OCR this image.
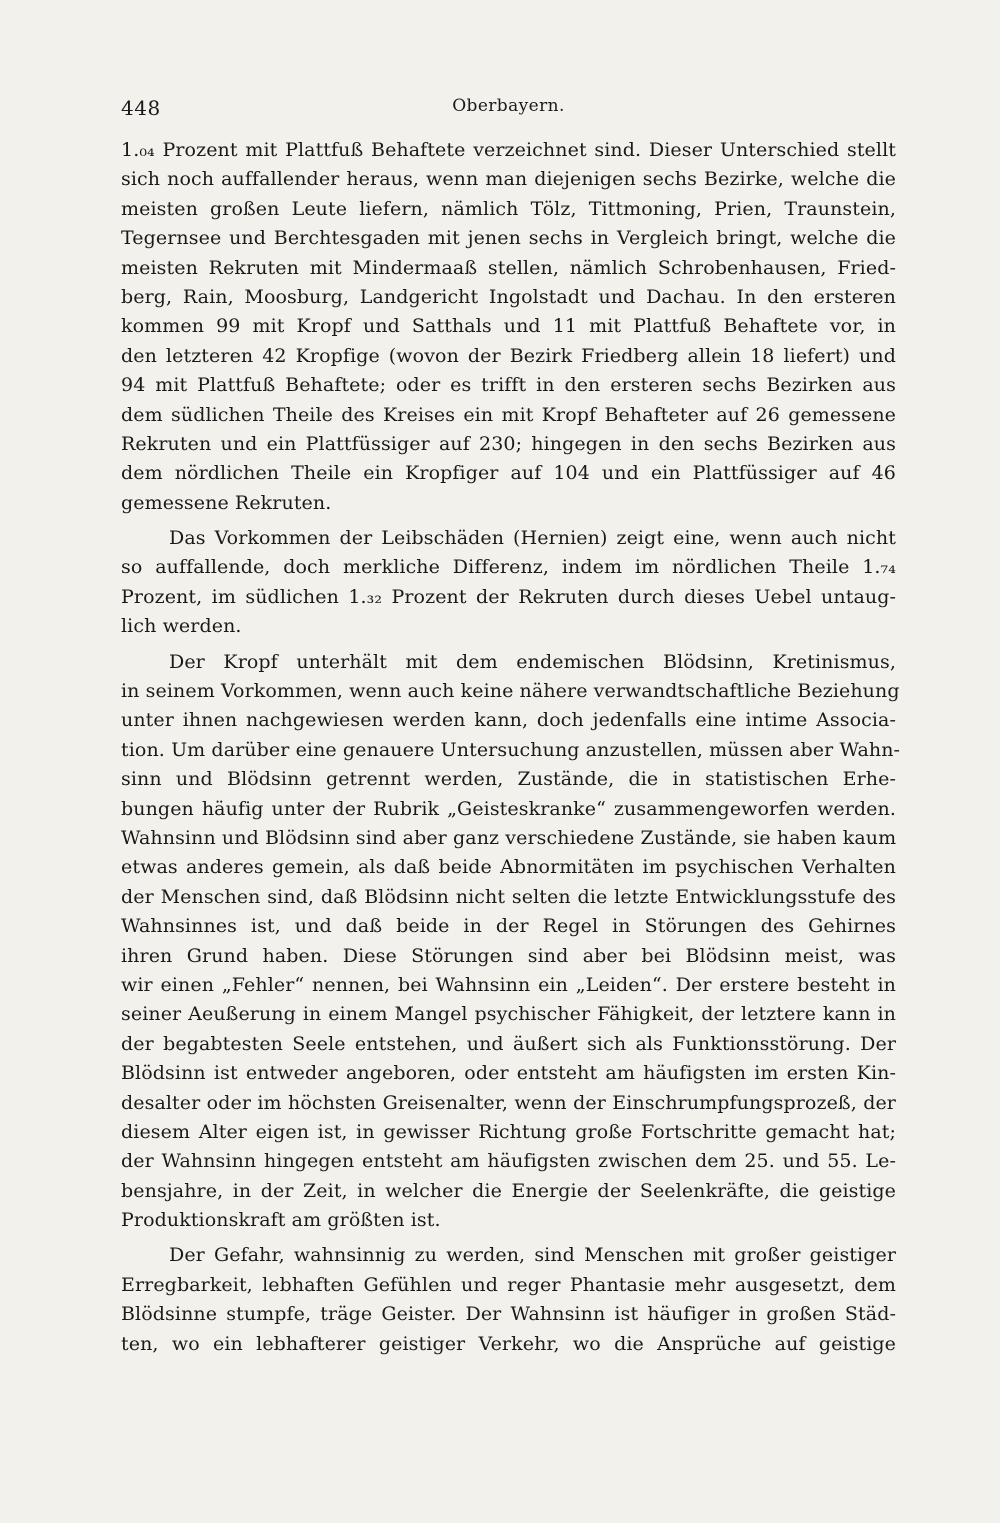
448	Oberbayern.
1.₀₄ Prozent mit Plattfuß Behaftete verzeichnet sind. Dieser Unterschied stellt
sich noch auffallender heraus, wenn man diejenigen sechs Bezirke, welche die
meisten großen Leute liefern, nämlich Tölz, Tittmoning, Prien, Traunstein,
Tegernsee und Berchtesgaden mit jenen sechs in Vergleich bringt, welche die
meisten Rekruten mit Mindermaaß stellen, nämlich Schrobenhausen, Fried-
berg, Rain, Moosburg, Landgericht Ingolstadt und Dachau. In den ersteren
kommen 99 mit Kropf und Satthals und 11 mit Plattfuß Behaftete vor, in
den letzteren 42 Kropfige (wovon der Bezirk Friedberg allein 18 liefert) und
94 mit Plattfuß Behaftete; oder es trifft in den ersteren sechs Bezirken aus
dem südlichen Theile des Kreises ein mit Kropf Behafteter auf 26 gemessene
Rekruten und ein Plattfüssiger auf 230; hingegen in den sechs Bezirken aus
dem nördlichen Theile ein Kropfiger auf 104 und ein Plattfüssiger auf 46
gemessene Rekruten.
Das Vorkommen der Leibschäden (Hernien) zeigt eine, wenn auch nicht
so auffallende, doch merkliche Differenz, indem im nördlichen Theile 1.₇₄
Prozent, im südlichen 1.₃₂ Prozent der Rekruten durch dieses Uebel untaug-
lich werden.
Der Kropf unterhält mit dem endemischen Blödsinn, Kretinismus,
in seinem Vorkommen, wenn auch keine nähere verwandtschaftliche Beziehung
unter ihnen nachgewiesen werden kann, doch jedenfalls eine intime Associa-
tion. Um darüber eine genauere Untersuchung anzustellen, müssen aber Wahn-
sinn und Blödsinn getrennt werden, Zustände, die in statistischen Erhe-
bungen häufig unter der Rubrik „Geisteskranke“ zusammengeworfen werden.
Wahnsinn und Blödsinn sind aber ganz verschiedene Zustände, sie haben kaum
etwas anderes gemein, als daß beide Abnormitäten im psychischen Verhalten
der Menschen sind, daß Blödsinn nicht selten die letzte Entwicklungsstufe des
Wahnsinnes ist, und daß beide in der Regel in Störungen des Gehirnes
ihren Grund haben. Diese Störungen sind aber bei Blödsinn meist, was
wir einen „Fehler“ nennen, bei Wahnsinn ein „Leiden“. Der erstere besteht in
seiner Aeußerung in einem Mangel psychischer Fähigkeit, der letztere kann in
der begabtesten Seele entstehen, und äußert sich als Funktionsstörung. Der
Blödsinn ist entweder angeboren, oder entsteht am häufigsten im ersten Kin-
desalter oder im höchsten Greisenalter, wenn der Einschrumpfungsprozeß, der
diesem Alter eigen ist, in gewisser Richtung große Fortschritte gemacht hat;
der Wahnsinn hingegen entsteht am häufigsten zwischen dem 25. und 55. Le-
bensjahre, in der Zeit, in welcher die Energie der Seelenkräfte, die geistige
Produktionskraft am größten ist.
Der Gefahr, wahnsinnig zu werden, sind Menschen mit großer geistiger
Erregbarkeit, lebhaften Gefühlen und reger Phantasie mehr ausgesetzt, dem
Blödsinne stumpfe, träge Geister. Der Wahnsinn ist häufiger in großen Städ-
ten, wo ein lebhafterer geistiger Verkehr, wo die Ansprüche auf geistige
